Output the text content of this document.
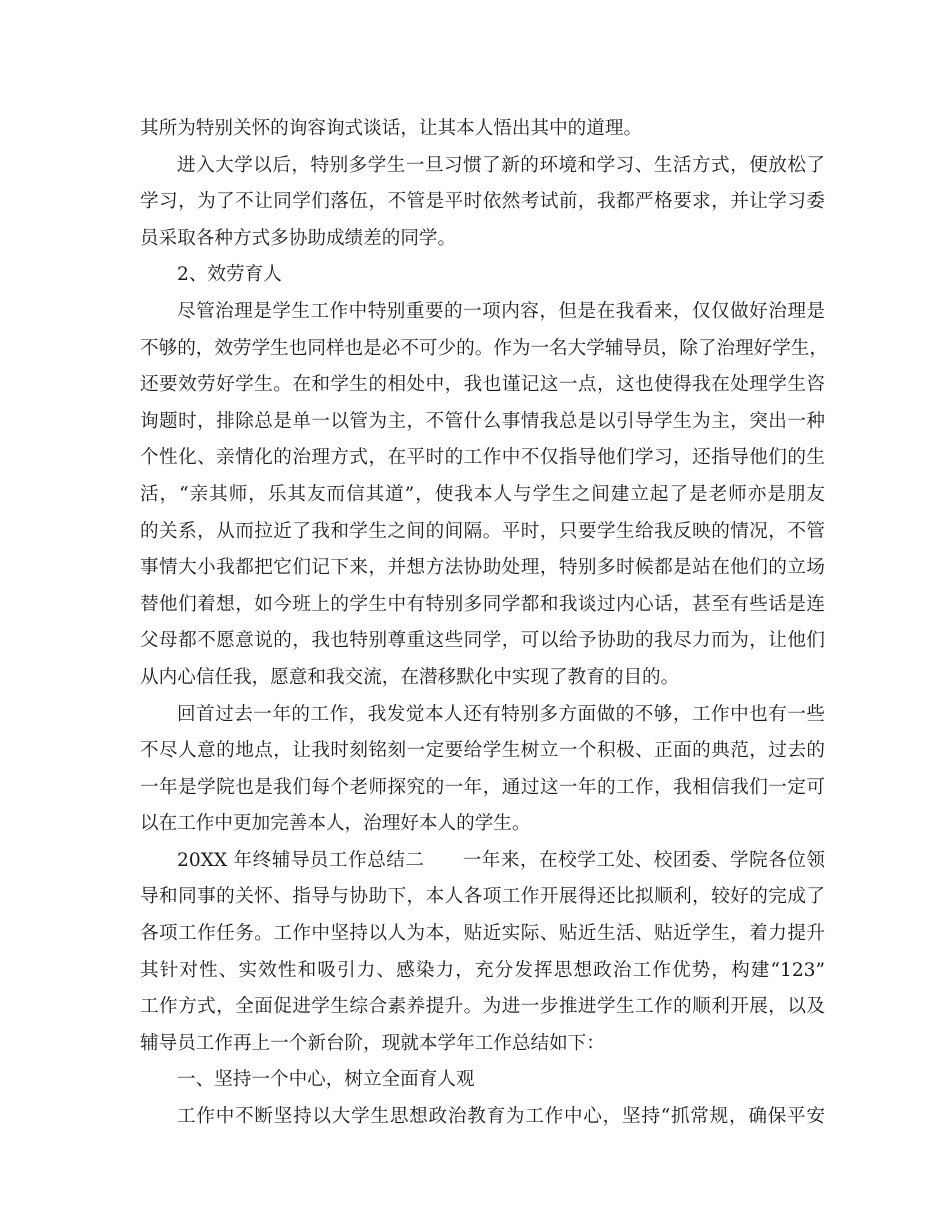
其所为特别关怀的询容询式谈话，让其本人悟出其中的道理。
进入大学以后，特别多学生一旦习惯了新的环境和学习、生活方式，便放松了
学习，为了不让同学们落伍，不管是平时依然考试前，我都严格要求，并让学习委
员采取各种方式多协助成绩差的同学。
2、效劳育人
尽管治理是学生工作中特别重要的一项内容，但是在我看来，仅仅做好治理是
不够的，效劳学生也同样也是必不可少的。作为一名大学辅导员，除了治理好学生，
还要效劳好学生。在和学生的相处中，我也谨记这一点，这也使得我在处理学生咨
询题时，排除总是单一以管为主，不管什么事情我总是以引导学生为主，突出一种
个性化、亲情化的治理方式，在平时的工作中不仅指导他们学习，还指导他们的生
活，“亲其师，乐其友而信其道”，使我本人与学生之间建立起了是老师亦是朋友
的关系，从而拉近了我和学生之间的间隔。平时，只要学生给我反映的情况，不管
事情大小我都把它们记下来，并想方法协助处理，特别多时候都是站在他们的立场
替他们着想，如今班上的学生中有特别多同学都和我谈过内心话，甚至有些话是连
父母都不愿意说的，我也特别尊重这些同学，可以给予协助的我尽力而为，让他们
从内心信任我，愿意和我交流，在潜移默化中实现了教育的目的。
回首过去一年的工作，我发觉本人还有特别多方面做的不够，工作中也有一些
不尽人意的地点，让我时刻铭刻一定要给学生树立一个积极、正面的典范，过去的
一年是学院也是我们每个老师探究的一年，通过这一年的工作，我相信我们一定可
以在工作中更加完善本人，治理好本人的学生。
20XX 年终辅导员工作总结二　　一年来，在校学工处、校团委、学院各位领
导和同事的关怀、指导与协助下，本人各项工作开展得还比拟顺利，较好的完成了
各项工作任务。工作中坚持以人为本，贴近实际、贴近生活、贴近学生，着力提升
其针对性、实效性和吸引力、感染力，充分发挥思想政治工作优势，构建“123”
工作方式，全面促进学生综合素养提升。为进一步推进学生工作的顺利开展，以及
辅导员工作再上一个新台阶，现就本学年工作总结如下：
一、坚持一个中心，树立全面育人观
工作中不断坚持以大学生思想政治教育为工作中心，坚持“抓常规，确保平安
